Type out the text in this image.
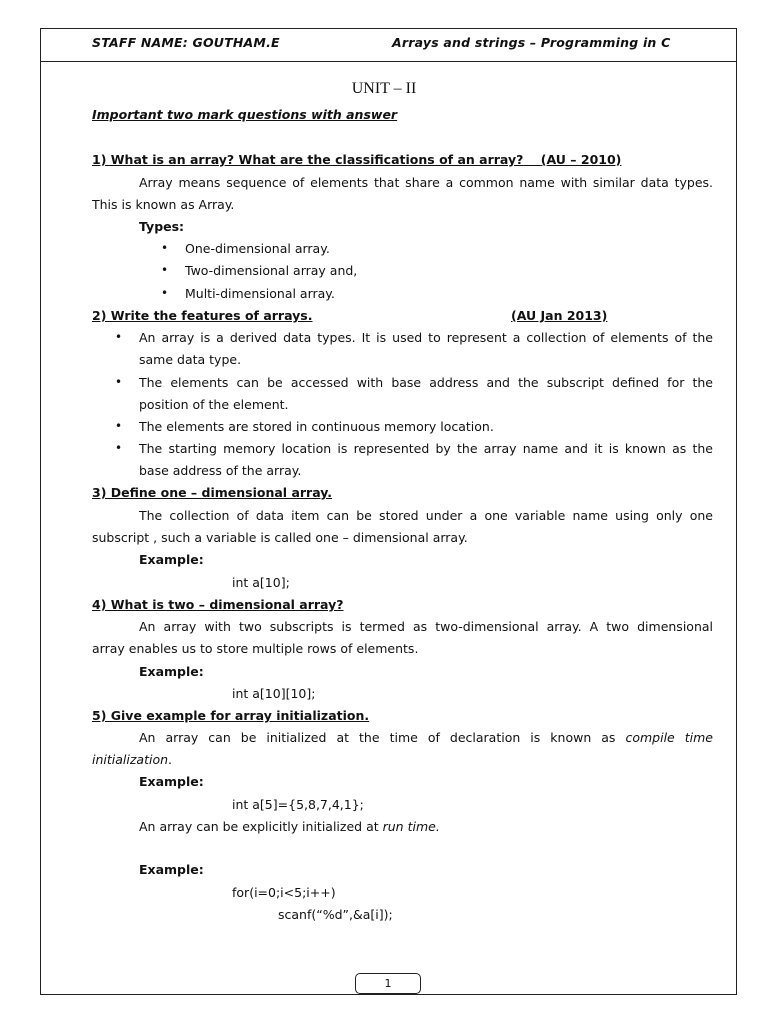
STAFF NAME: GOUTHAM.E	Arrays and strings – Programming in C
UNIT – II
Important two mark questions with answer
1) What is an array? What are the classifications of an array? (AU – 2010)
Array means sequence of elements that share a common name with similar data types.
This is known as Array.
Types:
• One-dimensional array.
• Two-dimensional array and,
• Multi-dimensional array.
2) Write the features of arrays.	(AU Jan 2013)
• An array is a derived data types. It is used to represent a collection of elements of the
same data type.
• The elements can be accessed with base address and the subscript defined for the
position of the element.
• The elements are stored in continuous memory location.
• The starting memory location is represented by the array name and it is known as the
base address of the array.
3) Define one – dimensional array.
The collection of data item can be stored under a one variable name using only one
subscript , such a variable is called one – dimensional array.
Example:
int a[10];
4) What is two – dimensional array?
An array with two subscripts is termed as two-dimensional array. A two dimensional
array enables us to store multiple rows of elements.
Example:
int a[10][10];
5) Give example for array initialization.
An array can be initialized at the time of declaration is known as compile time
initialization.
Example:
int a[5]={5,8,7,4,1};
An array can be explicitly initialized at run time.
Example:
for(i=0;i<5;i++)
scanf(“%d”,&a[i]);
1
